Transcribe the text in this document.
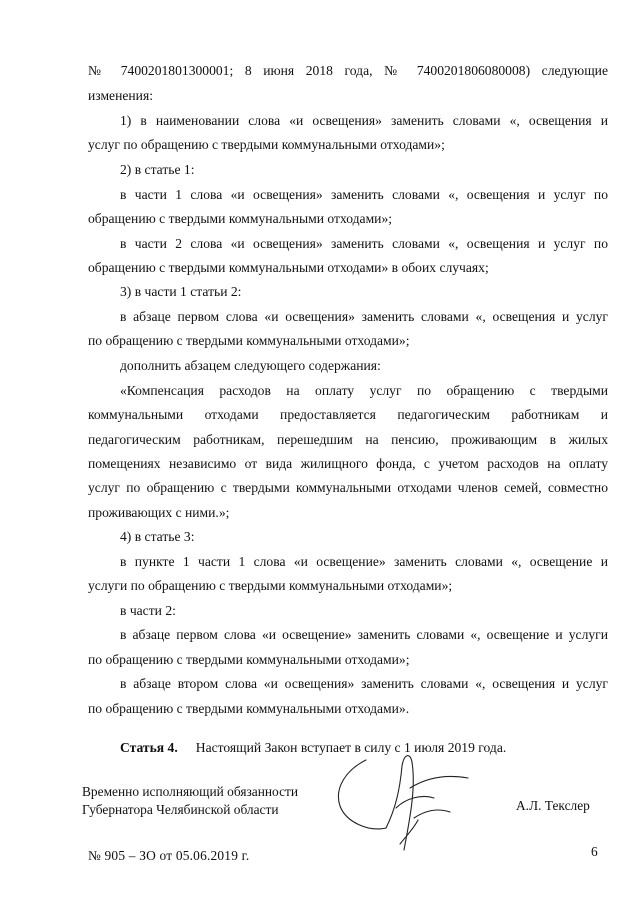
№ 7400201801300001; 8 июня 2018 года, № 7400201806080008) следующие
изменения:
1) в наименовании слова «и освещения» заменить словами «, освещения и
услуг по обращению с твердыми коммунальными отходами»;
2) в статье 1:
в части 1 слова «и освещения» заменить словами «, освещения и услуг по
обращению с твердыми коммунальными отходами»;
в части 2 слова «и освещения» заменить словами «, освещения и услуг по
обращению с твердыми коммунальными отходами» в обоих случаях;
3) в части 1 статьи 2:
в абзаце первом слова «и освещения» заменить словами «, освещения и услуг
по обращению с твердыми коммунальными отходами»;
дополнить абзацем следующего содержания:
«Компенсация расходов на оплату услуг по обращению с твердыми
коммунальными отходами предоставляется педагогическим работникам и
педагогическим работникам, перешедшим на пенсию, проживающим в жилых
помещениях независимо от вида жилищного фонда, с учетом расходов на оплату
услуг по обращению с твердыми коммунальными отходами членов семей, совместно
проживающих с ними.»;
4) в статье 3:
в пункте 1 части 1 слова «и освещение» заменить словами «, освещение и
услуги по обращению с твердыми коммунальными отходами»;
в части 2:
в абзаце первом слова «и освещение» заменить словами «, освещение и услуги
по обращению с твердыми коммунальными отходами»;
в абзаце втором слова «и освещения» заменить словами «, освещения и услуг
по обращению с твердыми коммунальными отходами».
Статья 4. Настоящий Закон вступает в силу с 1 июля 2019 года.
Временно исполняющий обязанности
Губернатора Челябинской области	А.Л. Текслер
№ 905 – ЗО от 05.06.2019 г.	6
